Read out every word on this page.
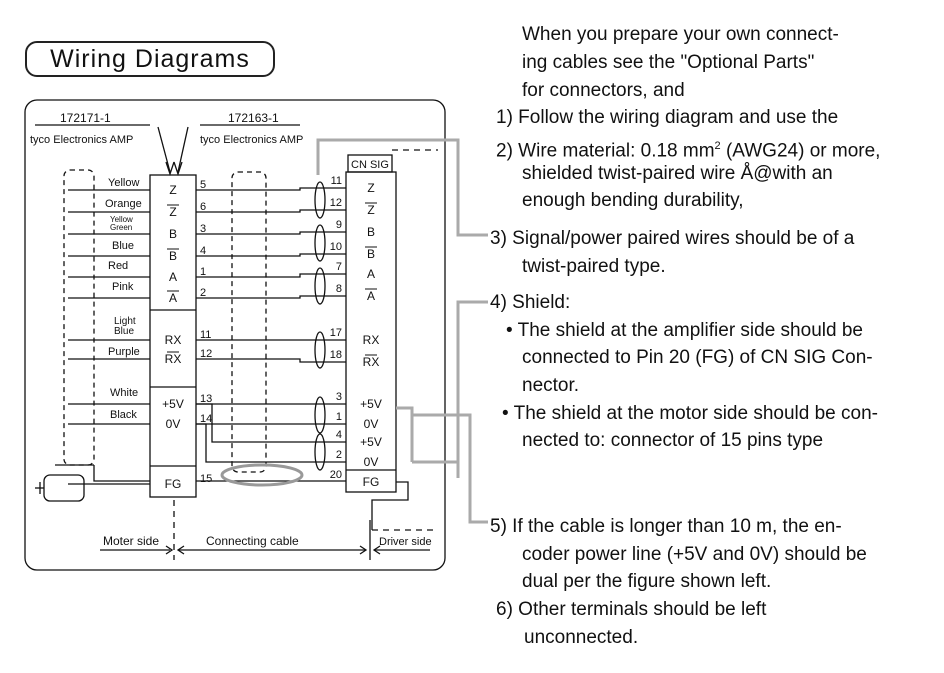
Wiring Diagrams
172171-1
tyco Electronics AMP
172163-1
tyco Electronics AMP
CN SIG
Yellow
Orange
Yellow
Green
Blue
Red
Pink
Light
Blue
Purple
White
Black
Z 5
Z 6
B 3
B 4
A 1
A 2
RX 11
RX 12
+5V 13
0V 14
FG 15
Z
11
Z
12
B
9
B
10
A
7
A
8
RX
17
RX
18
+5V
3
0V
1
+5V
4
0V
2
FG
20
Moter side	Connecting cable	Driver side
When you prepare your own connect-
ing cables see the "Optional Parts"
for connectors, and
1) Follow the wiring diagram and use the
2) Wire material: 0.18 $mm^2$ (AWG24) or more,
shielded twist-paired wire Å@with an
enough bending durability,
3) Signal/power paired wires should be of a
twist-paired type.
4) Shield:
• The shield at the amplifier side should be
connected to Pin 20 (FG) of CN SIG Con-
nector.
• The shield at the motor side should be con-
nected to: connector of 15 pins type
5) If the cable is longer than 10 m, the en-
coder power line (+5V and 0V) should be
dual per the figure shown left.
6) Other terminals should be left
unconnected.
